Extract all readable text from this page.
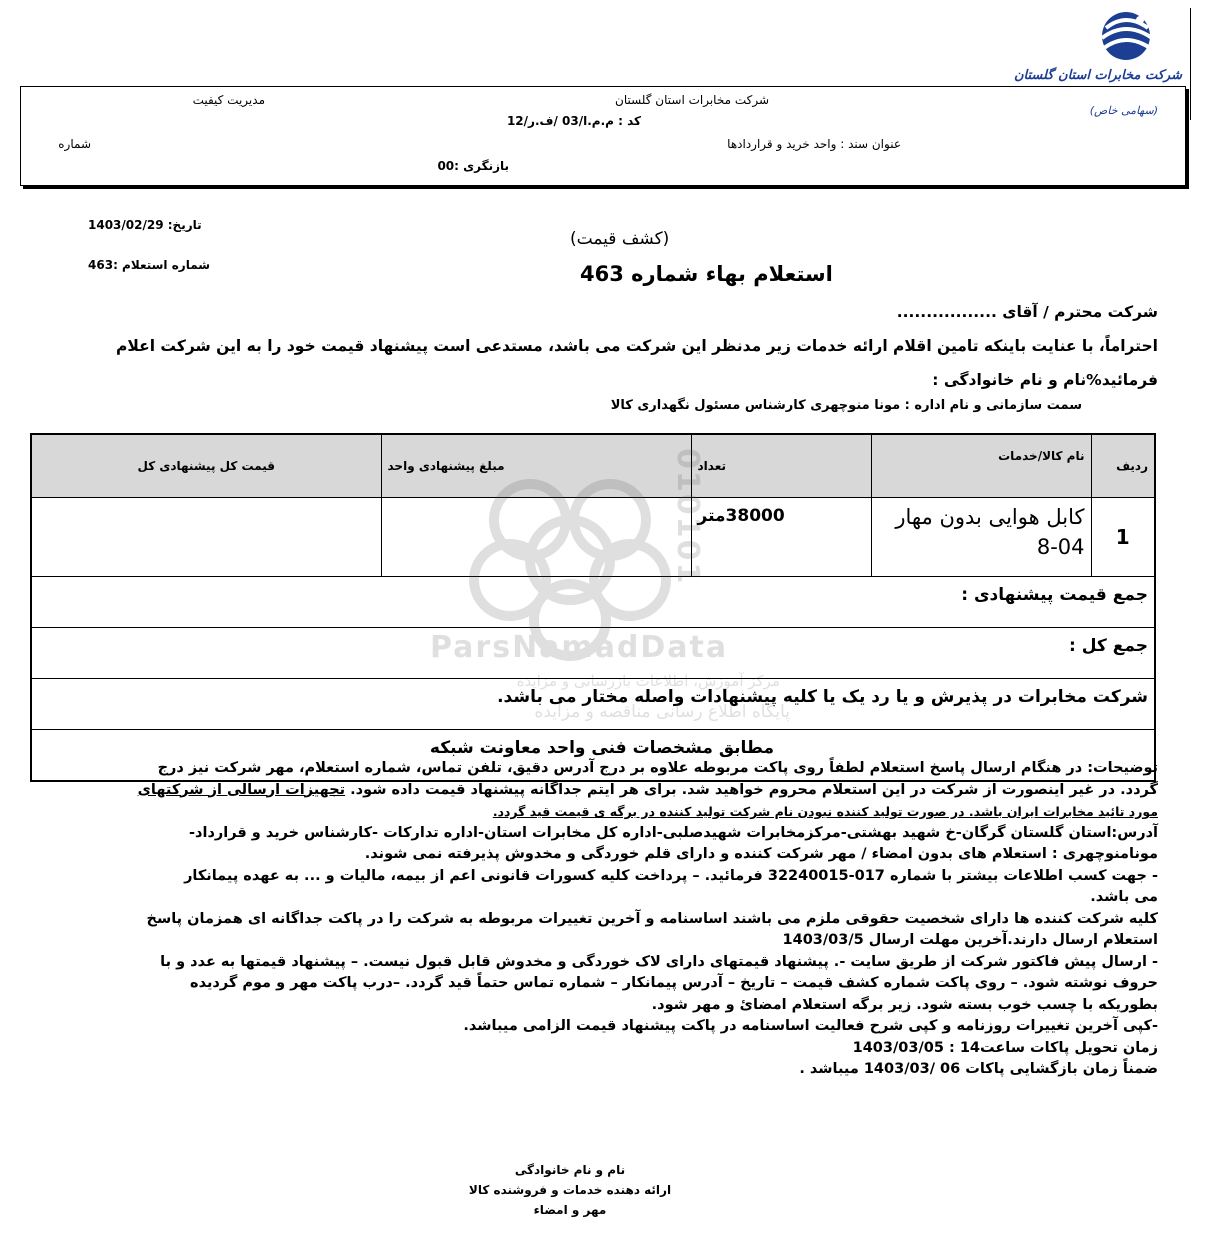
شرکت مخابرات استان گلستان
(سهامی خاص)
شرکت مخابرات استان گلستان
مدیریت کیفیت
کد : م.م.ا/03 /ف.ر/12
عنوان سند : واحد خرید و قراردادها
شماره
بازنگری :00
تاریخ: 1403/02/29
شماره استعلام :463
(کشف قیمت)
استعلام بهاء شماره 463
شرکت محترم / آقای .................
احتراماً، با عنایت باینکه تامین اقلام ارائه خدمات زیر مدنظر این شرکت می باشد، مستدعی است پیشنهاد قیمت خود را به این شرکت اعلام
فرمائید%نام و نام خانوادگی :
سمت سازمانی و نام اداره : مونا منوچهری کارشناس مسئول نگهداری کالا
ردیف	نام کالا/خدمات	تعداد	مبلغ پیشنهادی واحد	قیمت کل پیشنهادی کل
1	کابل هوایی بدون مهار 04-8	38000متر		
جمع قیمت پیشنهادی :				
جمع کل :				
شرکت مخابرات در پذیرش و یا رد یک یا کلیه پیشنهادات واصله مختار می باشد.				
مطابق مشخصات فنی واحد معاونت شبکه				
010101
ParsNamadData
مرکز آموزش، اطلاعات بازرسانی و مزایده
پایگاه اطلاع رسانی مناقصه و مزایده
توضیحات: در هنگام ارسال پاسخ استعلام لطفاً روی پاکت مربوطه علاوه بر درج آدرس دقیق، تلفن تماس، شماره استعلام، مهر شرکت نیز درج
گردد. در غیر اینصورت از شرکت در این استعلام محروم خواهید شد. برای هر آیتم جداگانه پیشنهاد قیمت داده شود. تجهیزات ارسالی از شرکتهای
مورد تائید مخابرات ایران باشد. در صورت تولید کننده نبودن نام شرکت تولید کننده در برگه ی قیمت قید گردد.
آدرس:استان گلستان گرگان-خ شهید بهشتی-مرکزمخابرات شهیدصلبی-اداره کل مخابرات استان-اداره تدارکات -کارشناس خرید و قرارداد-
مونامنوچهری : استعلام های بدون امضاء / مهر شرکت کننده و دارای قلم خوردگی و مخدوش پذیرفته نمی شوند.
- جهت کسب اطلاعات بیشتر با شماره 017-32240015 فرمائید. – پرداخت کلیه کسورات قانونی اعم از بیمه، مالیات و ... به عهده پیمانکار
می باشد.
کلیه شرکت کننده ها دارای شخصیت حقوقی ملزم می باشند اساسنامه و آخرین تغییرات مربوطه به شرکت را در پاکت جداگانه ای همزمان پاسخ
استعلام ارسال دارند.آخرین مهلت ارسال 1403/03/5
- ارسال پیش فاکتور شرکت از طریق سایت -. پیشنهاد قیمتهای دارای لاک خوردگی و مخدوش قابل قبول نیست. – پیشنهاد قیمتها به عدد و با
حروف نوشته شود. – روی پاکت شماره کشف قیمت – تاریخ – آدرس پیمانکار – شماره تماس حتماً قید گردد. –درب پاکت مهر و موم گردیده
بطوریکه با چسب خوب بسته شود. زیر برگه استعلام امضائ و مهر شود.
-کپی آخرین تغییرات روزنامه و کپی شرح فعالیت اساسنامه در پاکت پیشنهاد قیمت الزامی میباشد.
زمان تحویل پاکات ساعت14 : 1403/03/05
ضمناً زمان بازگشایی پاکات 06 /1403/03 میباشد .
نام و نام خانوادگی
ارائه دهنده خدمات و فروشنده کالا
مهر و امضاء
